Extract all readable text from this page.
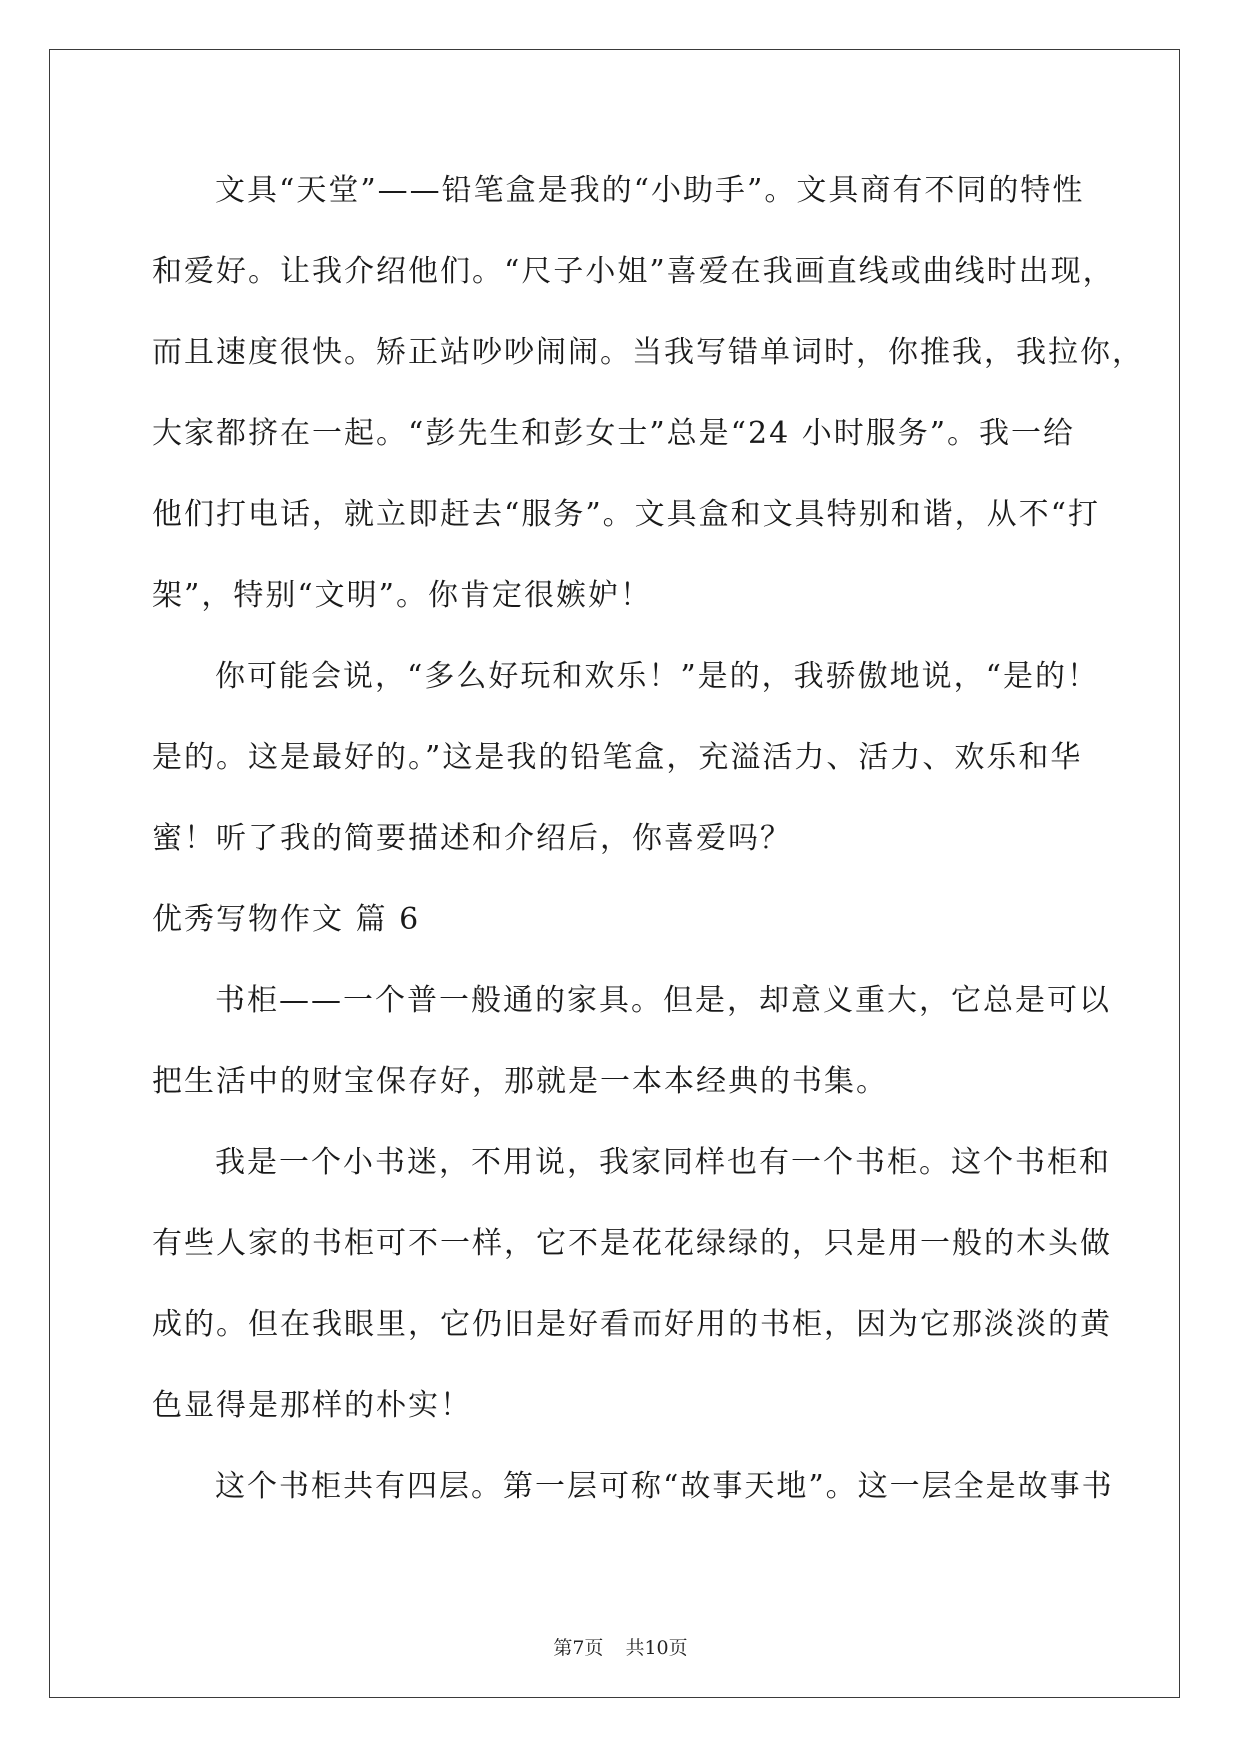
文具“天堂”——铅笔盒是我的“小助手”。文具商有不同的特性
和爱好。让我介绍他们。“尺子小姐”喜爱在我画直线或曲线时出现，
而且速度很快。矫正站吵吵闹闹。当我写错单词时，你推我，我拉你，
大家都挤在一起。“彭先生和彭女士”总是“24 小时服务”。我一给
他们打电话，就立即赶去“服务”。文具盒和文具特别和谐，从不“打
架”，特别“文明”。你肯定很嫉妒！
你可能会说，“多么好玩和欢乐！”是的，我骄傲地说，“是的！
是的。这是最好的。”这是我的铅笔盒，充溢活力、活力、欢乐和华
蜜！听了我的简要描述和介绍后，你喜爱吗？
优秀写物作文 篇 6
书柜——一个普一般通的家具。但是，却意义重大，它总是可以
把生活中的财宝保存好，那就是一本本经典的书集。
我是一个小书迷，不用说，我家同样也有一个书柜。这个书柜和
有些人家的书柜可不一样，它不是花花绿绿的，只是用一般的木头做
成的。但在我眼里，它仍旧是好看而好用的书柜，因为它那淡淡的黄
色显得是那样的朴实！
这个书柜共有四层。第一层可称“故事天地”。这一层全是故事书
第7页 共10页
